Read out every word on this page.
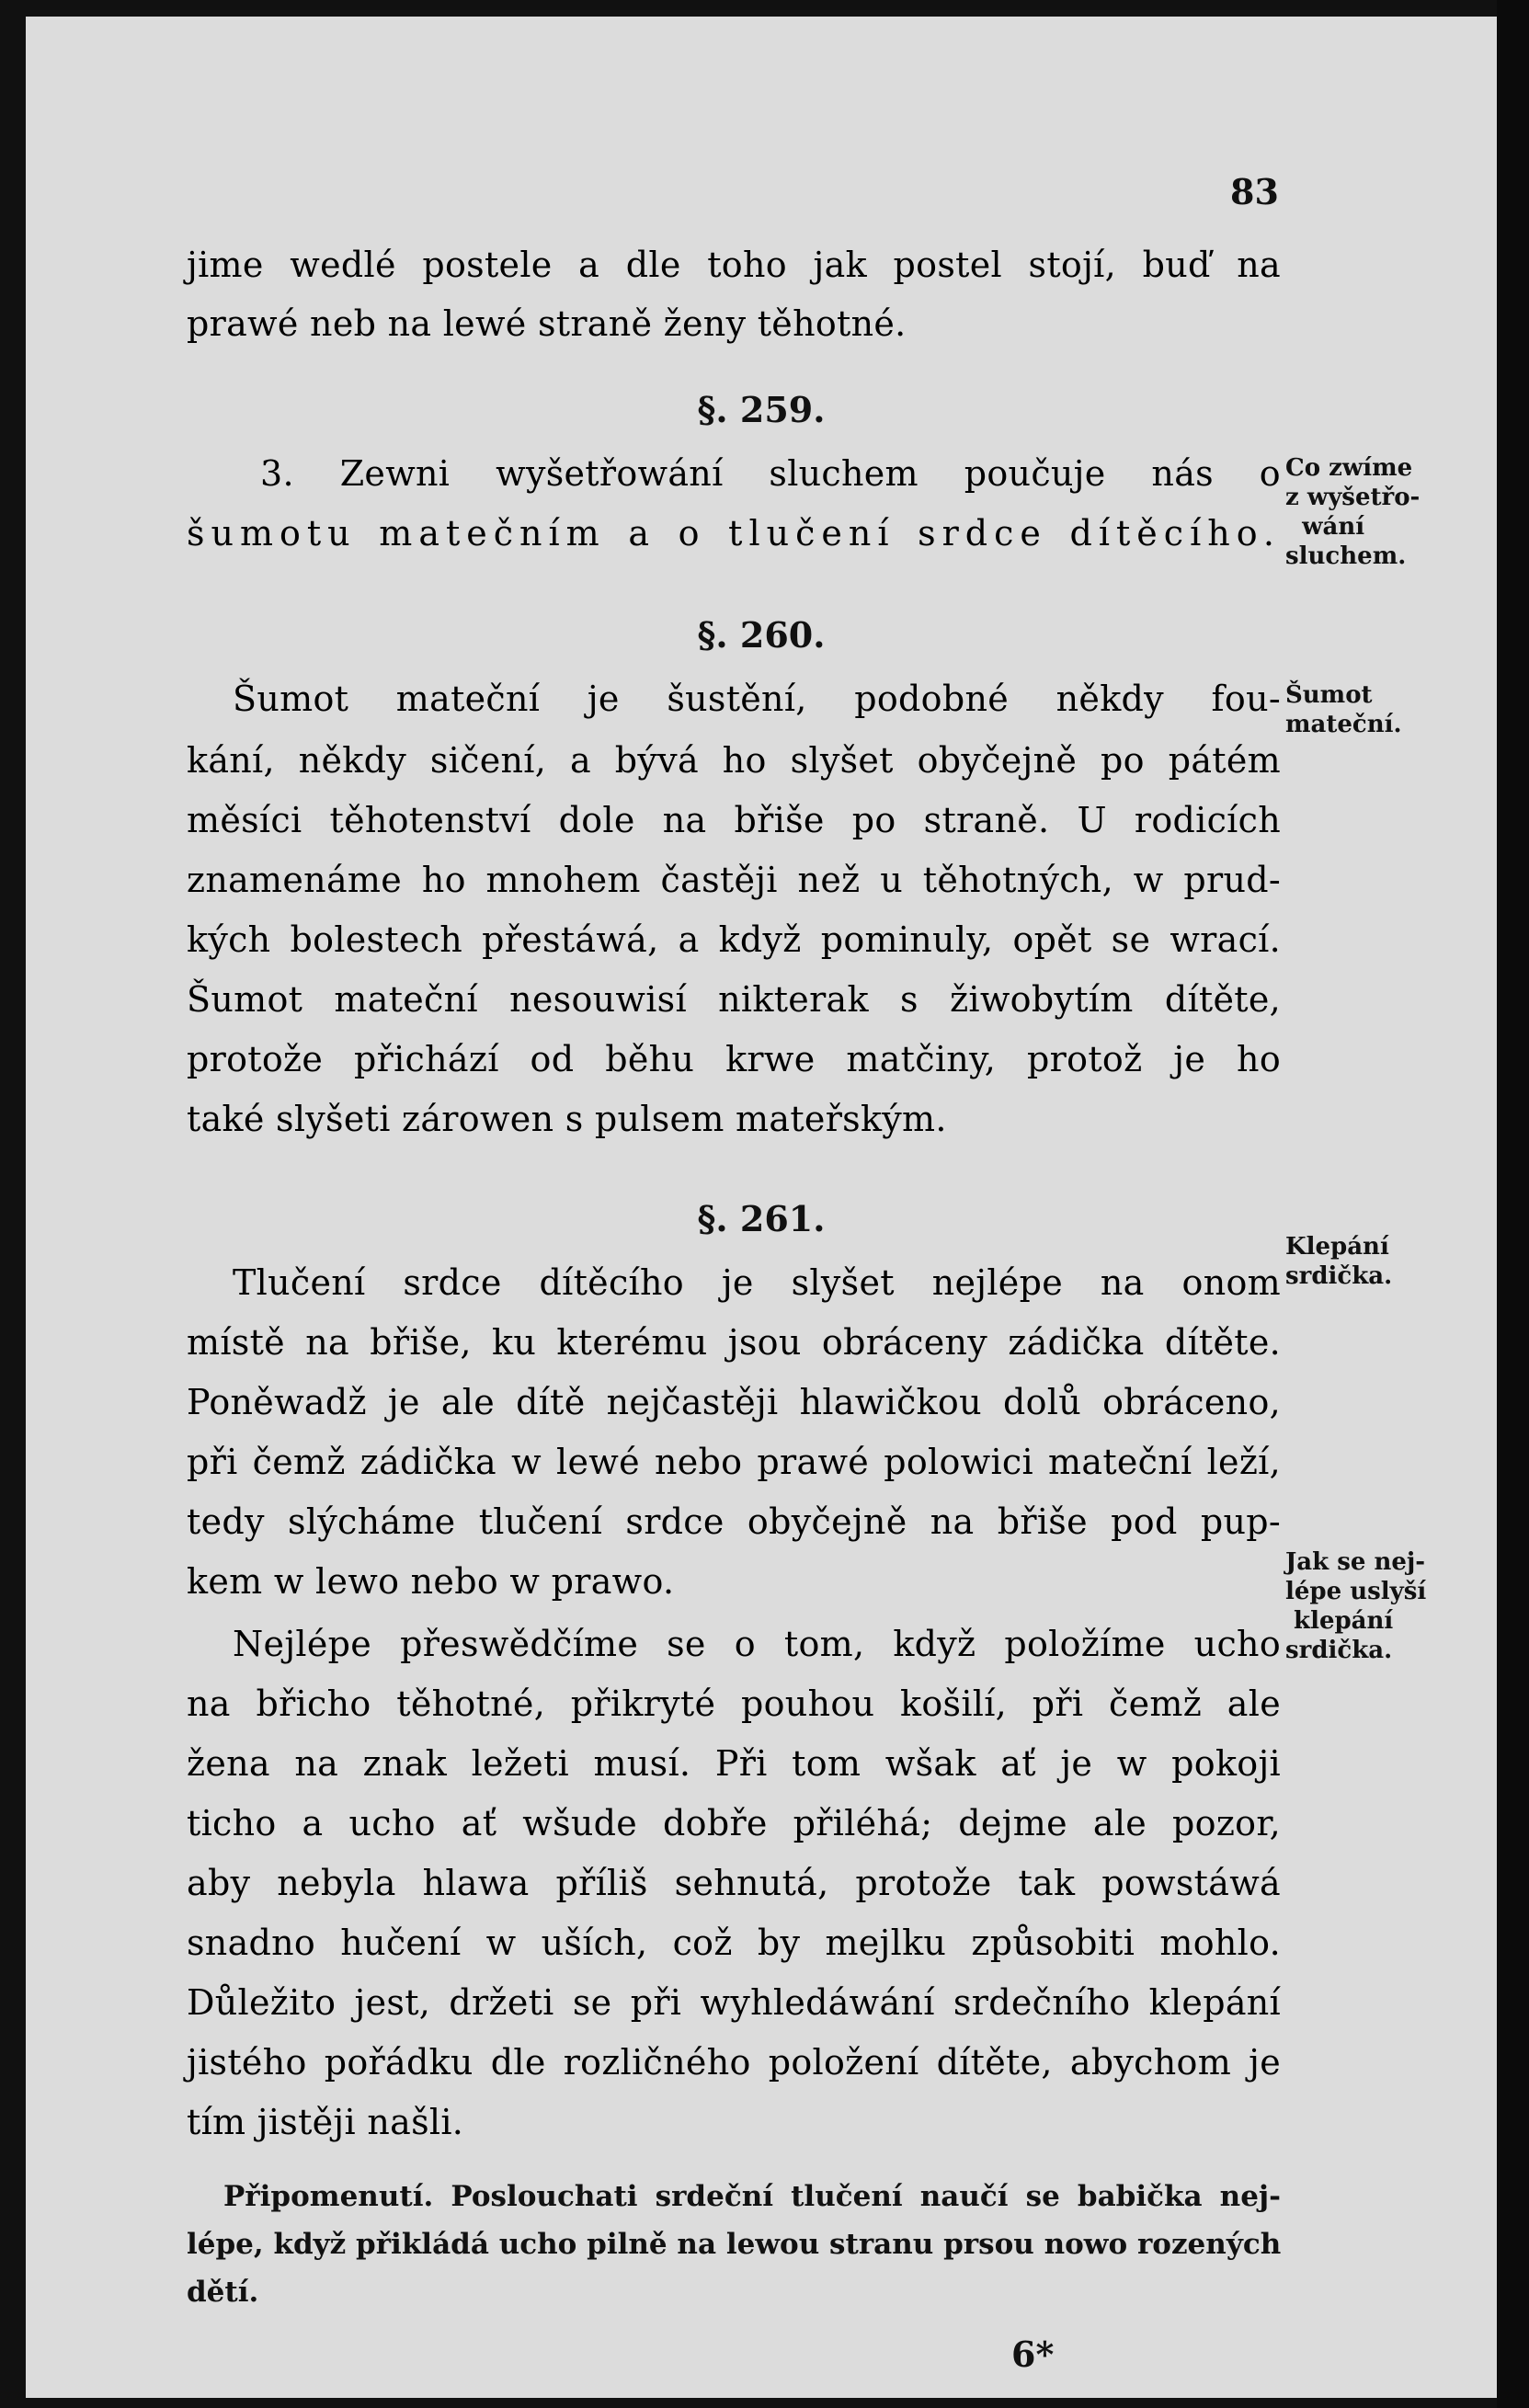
83
jime wedlé postele a dle toho jak postel stojí, buď na
prawé neb na lewé straně ženy těhotné.
§. 259.
3. Zewni wyšetřowání sluchem poučuje nás o
šumotu matečním a o tlučení srdce dítěcího.
§. 260.
Šumot mateční je šustění, podobné někdy fou-
kání, někdy sičení, a bývá ho slyšet obyčejně po pátém
měsíci těhotenství dole na břiše po straně. U rodicích
znamenáme ho mnohem častěji než u těhotných, w prud-
kých bolestech přestáwá, a když pominuly, opět se wrací.
Šumot mateční nesouwisí nikterak s žiwobytím dítěte,
protože přichází od běhu krwe matčiny, protož je ho
také slyšeti zárowen s pulsem mateřským.
§. 261.
Tlučení srdce dítěcího je slyšet nejlépe na onom
místě na břiše, ku kterému jsou obráceny zádička dítěte.
Poněwadž je ale dítě nejčastěji hlawičkou dolů obráceno,
při čemž zádička w lewé nebo prawé polowici mateční leží,
tedy slýcháme tlučení srdce obyčejně na břiše pod pup-
kem w lewo nebo w prawo.
Nejlépe přeswědčíme se o tom, když položíme ucho
na břicho těhotné, přikryté pouhou košilí, při čemž ale
žena na znak ležeti musí. Při tom wšak ať je w pokoji
ticho a ucho ať wšude dobře přiléhá; dejme ale pozor,
aby nebyla hlawa příliš sehnutá, protože tak powstáwá
snadno hučení w uších, což by mejlku způsobiti mohlo.
Důležito jest, držeti se při wyhledáwání srdečního klepání
jistého pořádku dle rozličného položení dítěte, abychom je
tím jistěji našli.
Připomenutí. Poslouchati srdeční tlučení naučí se babička nej-
lépe, když přikládá ucho pilně na lewou stranu prsou nowo rozených
dětí.
6*
Co zwíme
z wyšetřo-
wání
sluchem.
Šumot
mateční.
Klepání
srdička.
Jak se nej-
lépe uslyší
klepání
srdička.
